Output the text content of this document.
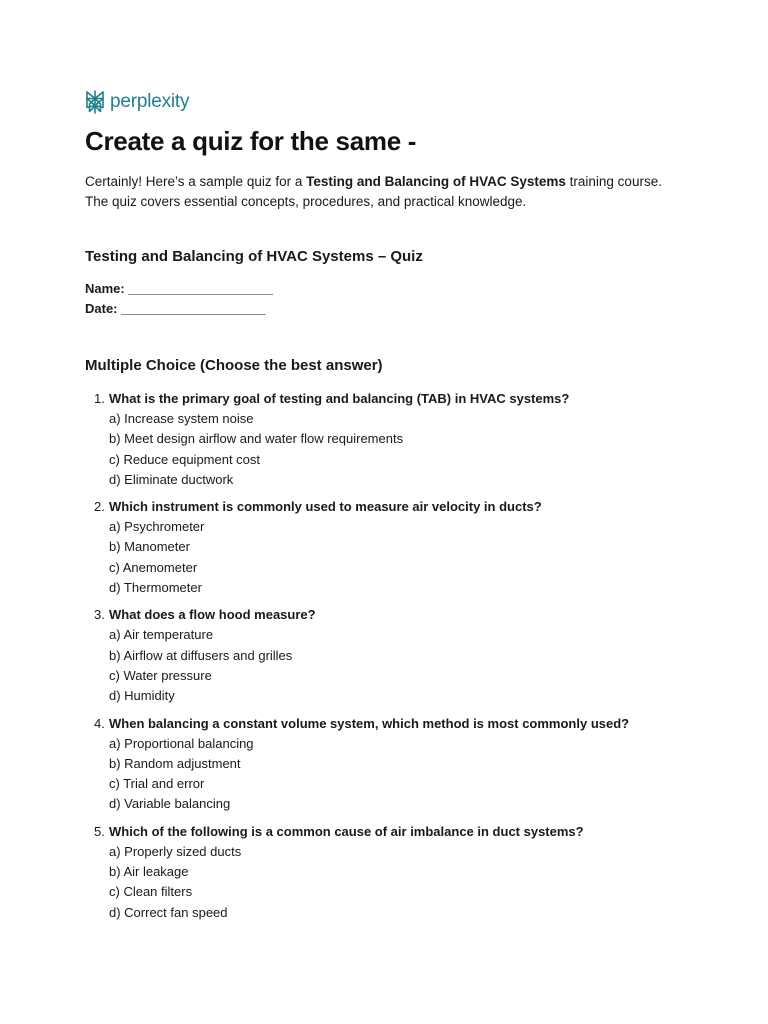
perplexity
Create a quiz for the same -

Certainly! Here’s a sample quiz for a Testing and Balancing of HVAC Systems training course. The quiz covers essential concepts, procedures, and practical knowledge.

Testing and Balancing of HVAC Systems – Quiz
Name: ____________________
Date: ____________________
Multiple Choice (Choose the best answer)
1. What is the primary goal of testing and balancing (TAB) in HVAC systems?
a) Increase system noise
b) Meet design airflow and water flow requirements
c) Reduce equipment cost
d) Eliminate ductwork
2. Which instrument is commonly used to measure air velocity in ducts?
a) Psychrometer
b) Manometer
c) Anemometer
d) Thermometer
3. What does a flow hood measure?
a) Air temperature
b) Airflow at diffusers and grilles
c) Water pressure
d) Humidity
4. When balancing a constant volume system, which method is most commonly used?
a) Proportional balancing
b) Random adjustment
c) Trial and error
d) Variable balancing
5. Which of the following is a common cause of air imbalance in duct systems?
a) Properly sized ducts
b) Air leakage
c) Clean filters
d) Correct fan speed
